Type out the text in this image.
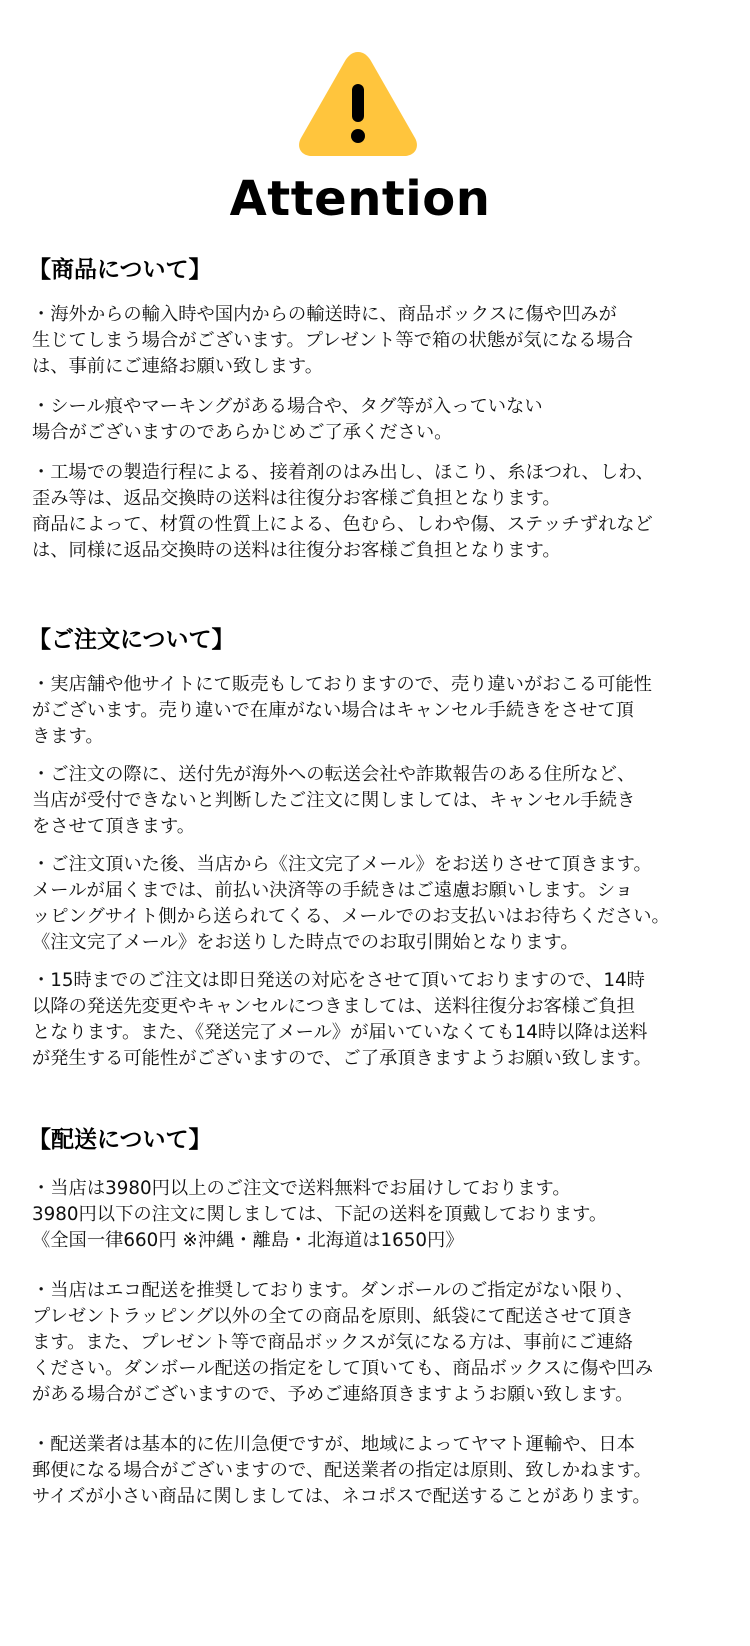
Attention
【商品について】
・海外からの輸入時や国内からの輸送時に、商品ボックスに傷や凹みが
生じてしまう場合がございます。プレゼント等で箱の状態が気になる場合
は、事前にご連絡お願い致します。
・シール痕やマーキングがある場合や、タグ等が入っていない
場合がございますのであらかじめご了承ください。
・工場での製造行程による、接着剤のはみ出し、ほこり、糸ほつれ、しわ、
歪み等は、返品交換時の送料は往復分お客様ご負担となります。
商品によって、材質の性質上による、色むら、しわや傷、ステッチずれなど
は、同様に返品交換時の送料は往復分お客様ご負担となります。
【ご注文について】
・実店舗や他サイトにて販売もしておりますので、売り違いがおこる可能性
がございます。売り違いで在庫がない場合はキャンセル手続きをさせて頂
きます。
・ご注文の際に、送付先が海外への転送会社や詐欺報告のある住所など、
当店が受付できないと判断したご注文に関しましては、キャンセル手続き
をさせて頂きます。
・ご注文頂いた後、当店から《注文完了メール》をお送りさせて頂きます。
メールが届くまでは、前払い決済等の手続きはご遠慮お願いします。ショ
ッピングサイト側から送られてくる、メールでのお支払いはお待ちください。
《注文完了メール》をお送りした時点でのお取引開始となります。
・15時までのご注文は即日発送の対応をさせて頂いておりますので、14時
以降の発送先変更やキャンセルにつきましては、送料往復分お客様ご負担
となります。また、《発送完了メール》が届いていなくても14時以降は送料
が発生する可能性がございますので、ご了承頂きますようお願い致します。
【配送について】
・当店は3980円以上のご注文で送料無料でお届けしております。
3980円以下の注文に関しましては、下記の送料を頂戴しております。
《全国一律660円 ※沖縄・離島・北海道は1650円》
・当店はエコ配送を推奨しております。ダンボールのご指定がない限り、
プレゼントラッピング以外の全ての商品を原則、紙袋にて配送させて頂き
ます。また、プレゼント等で商品ボックスが気になる方は、事前にご連絡
ください。ダンボール配送の指定をして頂いても、商品ボックスに傷や凹み
がある場合がございますので、予めご連絡頂きますようお願い致します。
・配送業者は基本的に佐川急便ですが、地域によってヤマト運輸や、日本
郵便になる場合がございますので、配送業者の指定は原則、致しかねます。
サイズが小さい商品に関しましては、ネコポスで配送することがあります。
